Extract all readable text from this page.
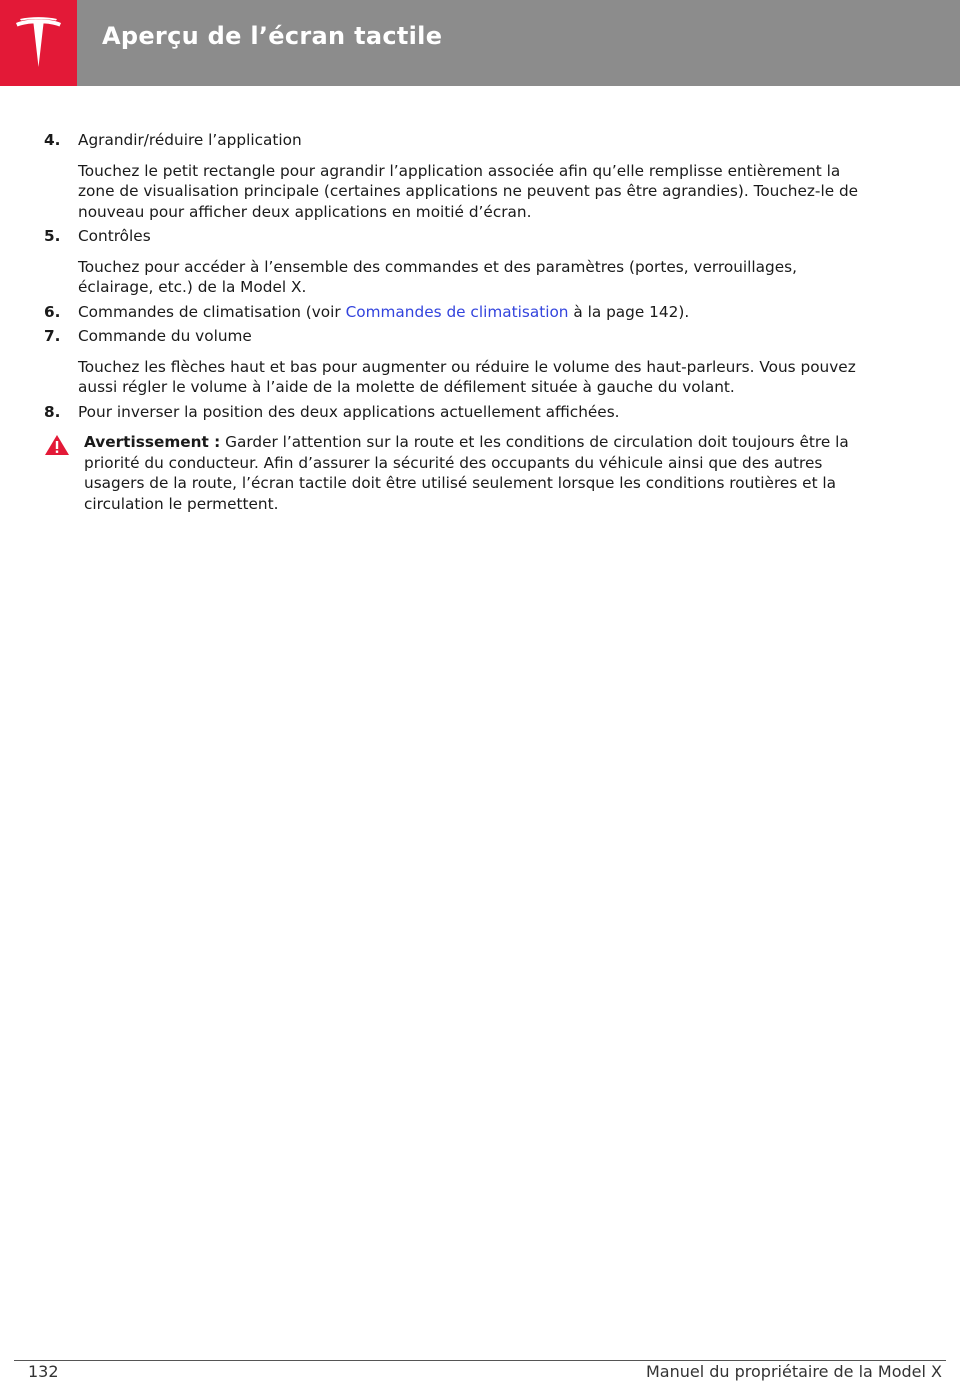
Aperçu de l’écran tactile
4. Agrandir/réduire l’application
Touchez le petit rectangle pour agrandir l’application associée afin qu’elle remplisse entièrement la zone de visualisation principale (certaines applications ne peuvent pas être agrandies). Touchez-le de nouveau pour afficher deux applications en moitié d’écran.
5. Contrôles
Touchez pour accéder à l’ensemble des commandes et des paramètres (portes, verrouillages, éclairage, etc.) de la Model X.
6. Commandes de climatisation (voir Commandes de climatisation à la page 142).
7. Commande du volume
Touchez les flèches haut et bas pour augmenter ou réduire le volume des haut-parleurs. Vous pouvez aussi régler le volume à l’aide de la molette de défilement située à gauche du volant.
8. Pour inverser la position des deux applications actuellement affichées.
Avertissement : Garder l’attention sur la route et les conditions de circulation doit toujours être la priorité du conducteur. Afin d’assurer la sécurité des occupants du véhicule ainsi que des autres usagers de la route, l’écran tactile doit être utilisé seulement lorsque les conditions routières et la circulation le permettent.
132	Manuel du propriétaire de la Model X
